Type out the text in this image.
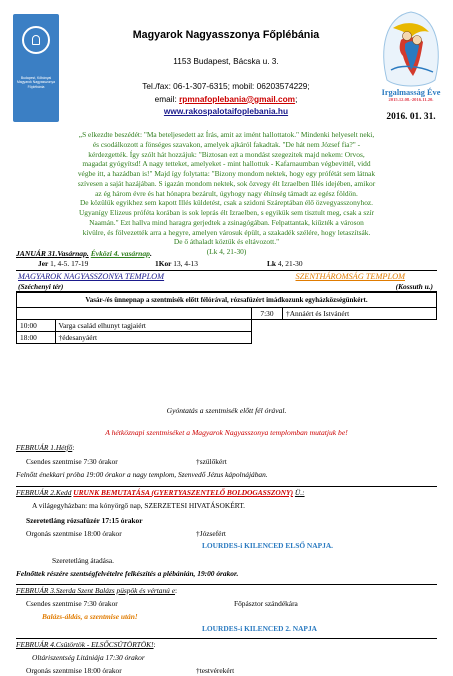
Budapest, Kőbányai
Magyarok Nagyasszonya
Főplébánia
Magyarok Nagyasszonya Főplébánia
1153 Budapest, Bácska u. 3.
Tel./fax: 06-1-307-6315; mobil: 06203574229;
email: rpmnafoplebania@gmail.com;
www.rakospalotaifoplebania.hu
Irgalmasság Éve
2015.12.08.-2016.11.20.
2016. 01. 31.
„S elkezdte beszédét: "Ma beteljesedett az Írás, amit az imént hallottatok." Mindenki helyeselt neki,
és csodálkozott a fönséges szavakon, amelyek ajkáról fakadtak. "De hát nem József fia?" -
kérdezgették. Így szólt hát hozzájuk: "Biztosan ezt a mondást szegezitek majd nekem: Orvos,
magadat gyógyítsd! A nagy tetteket, amelyeket - mint hallottuk - Kafarnaumban végbevittél, vidd
végbe itt, a hazádban is!" Majd így folytatta: "Bizony mondom nektek, hogy egy prófétát sem látnak
szívesen a saját hazájában. S igazán mondom nektek, sok özvegy élt Izraelben Illés idejében, amikor
az ég három évre és hat hónapra bezárult, úgyhogy nagy éhínség támadt az egész földön.
De közülük egyikhez sem kapott Illés küldetést, csak a szidoni Száreptában élő özvegyasszonyhoz.
Ugyanígy Elizeus próféta korában is sok leprás élt Izraelben, s egyikük sem tisztult meg, csak a szír
Naamán." Ezt hallva mind haragra gerjedtek a zsinagógában. Felpattantak, kiűzték a városon
kívülre, és fölvezették arra a hegyre, amelyen városuk épült, a szakadék szélére, hogy letaszítsák.
De ő áthaladt köztük és eltávozott."
(Lk 4, 21-30)
JANUÁR 31.Vasárnap. Évközi 4. vasárnap.
Jer 1, 4-5. 17-19	1Kor 13, 4-13	Lk 4, 21-30
MAGYAROK NAGYASSZONYA TEMPLOM
(Széchenyi tér)
SZENTHÁROMSÁG TEMPLOM
(Kossuth u.)
Vasár-/és ünnepnap a szentmisék előtt félórával, rózsafüzért imádkozunk egyházközségünkért.			
		7:30	†Annáért és Istvánért
10:00	Varga család elhunyt tagjaiért		
18:00	†édesanyáért		
Gyóntatás a szentmisék előtt fél órával.
A hétköznapi szentmiséket a Magyarok Nagyasszonya templomban mutatjuk be!
FEBRUÁR 1.Hétfő:
Csendes szentmise 7:30 órakor	†szülőkért
Felnőtt énekkari próba 19:00 órakor a nagy templom, Szenvedő Jézus kápolnájában.
FEBRUÁR 2.Kedd URUNK BEMUTATÁSA (GYERTYASZENTELŐ BOLDOGASSZONY) Ü.:
A világegyházban: ma kónyörgő nap, SZERZETESI HIVATÁSOKÉRT.
Szeretetláng rózsafüzér 17:15 órakor
Orgonás szentmise 18:00 órakor	†Józsefért
LOURDES-i KILENCED ELSŐ NAPJA.
Szeretetláng átadása.
Felnőttek részére szentségfelvételre felkészítés a plébánián, 19:00 órakor.
FEBRUÁR 3.Szerda Szent Balázs püspök és vértanú e:
Csendes szentmise 7:30 órakor	Főpásztor szándékára
Balázs-áldás, a szentmise után!
LOURDES-i KILENCED 2. NAPJA
FEBRUÁR 4.Csütörtök - ELSŐCSÜTÖRTÖK!:
Oltáriszentség Litániája 17:30 órakor
Orgonás szentmise 18:00 órakor	†testvérekért
